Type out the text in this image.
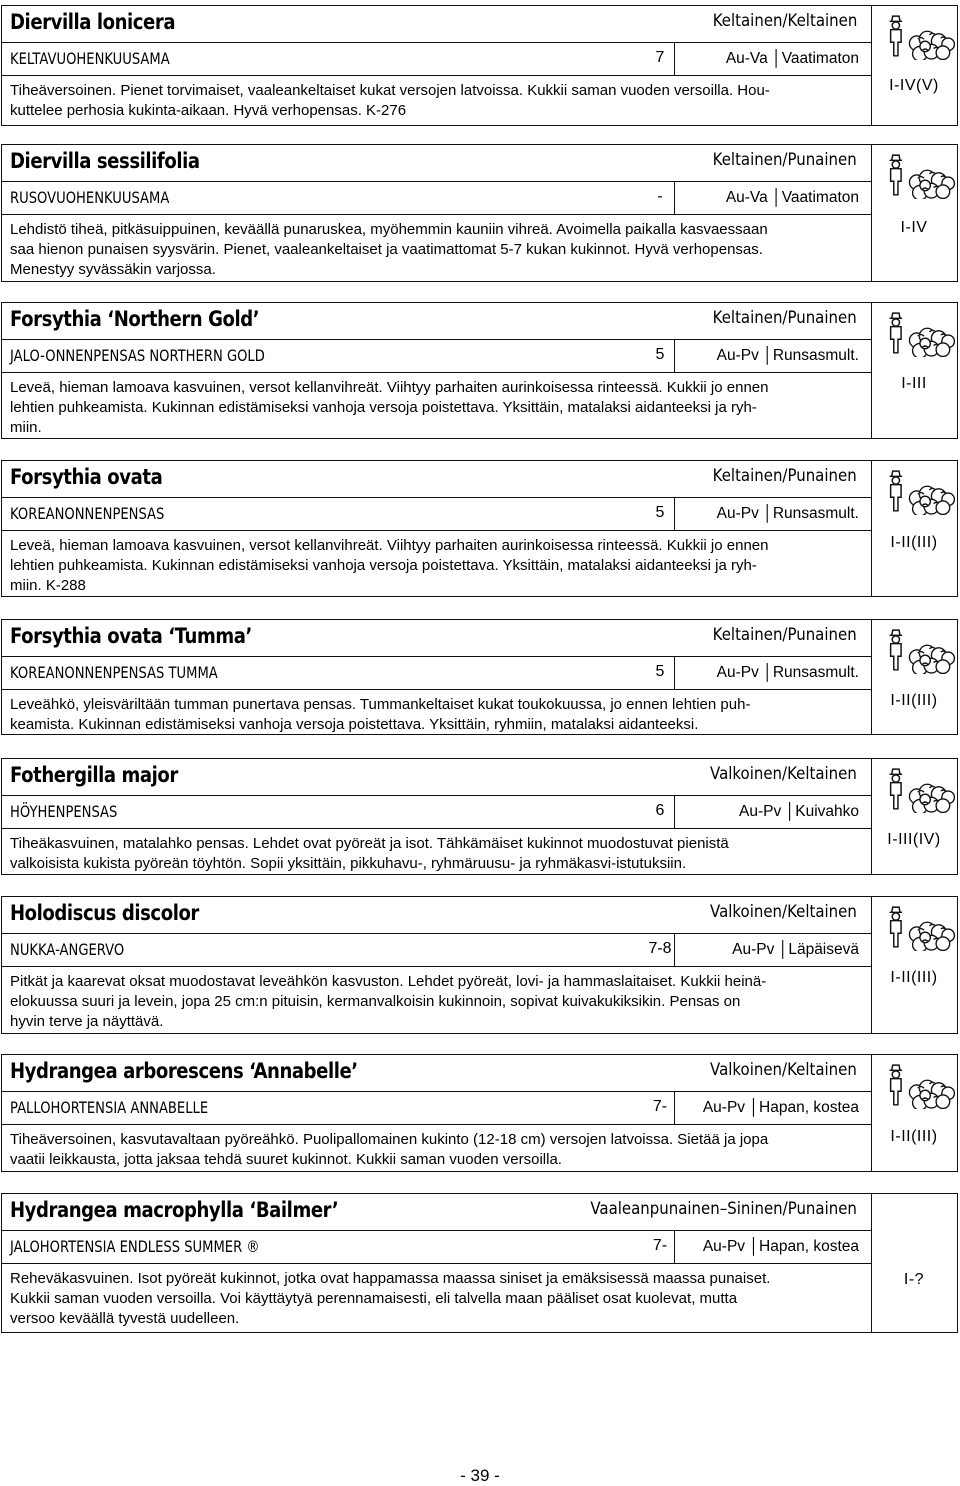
Diervilla lonicera	Keltainen/Keltainen
KELTAVUOHENKUUSAMA	7	Au-Va │Vaatimaton
Tiheäversoinen. Pienet torvimaiset, vaaleankeltaiset kukat versojen latvoissa. Kukkii saman vuoden versoilla. Hou-
kuttelee perhosia kukinta-aikaan. Hyvä verhopensas. K-276
I-IV(V)
Diervilla sessilifolia	Keltainen/Punainen
RUSOVUOHENKUUSAMA	-	Au-Va │Vaatimaton
Lehdistö tiheä, pitkäsuippuinen, keväällä punaruskea, myöhemmin kauniin vihreä. Avoimella paikalla kasvaessaan
saa hienon punaisen syysvärin. Pienet, vaaleankeltaiset ja vaatimattomat 5-7 kukan kukinnot. Hyvä verhopensas.
Menestyy syvässäkin varjossa.
I-IV
Forsythia ‘Northern Gold’	Keltainen/Punainen
JALO-ONNENPENSAS NORTHERN GOLD	5	Au-Pv │Runsasmult.
Leveä, hieman lamoava kasvuinen, versot kellanvihreät. Viihtyy parhaiten aurinkoisessa rinteessä. Kukkii jo ennen
lehtien puhkeamista. Kukinnan edistämiseksi vanhoja versoja poistettava. Yksittäin, matalaksi aidanteeksi ja ryh-
miin.
I-III
Forsythia ovata	Keltainen/Punainen
KOREANONNENPENSAS	5	Au-Pv │Runsasmult.
Leveä, hieman lamoava kasvuinen, versot kellanvihreät. Viihtyy parhaiten aurinkoisessa rinteessä. Kukkii jo ennen
lehtien puhkeamista. Kukinnan edistämiseksi vanhoja versoja poistettava. Yksittäin, matalaksi aidanteeksi ja ryh-
miin. K-288
I-II(III)
Forsythia ovata ‘Tumma’	Keltainen/Punainen
KOREANONNENPENSAS TUMMA	5	Au-Pv │Runsasmult.
Leveähkö, yleisväriltään tumman punertava pensas. Tummankeltaiset kukat toukokuussa, jo ennen lehtien puh-
keamista. Kukinnan edistämiseksi vanhoja versoja poistettava. Yksittäin, ryhmiin, matalaksi aidanteeksi.
I-II(III)
Fothergilla major	Valkoinen/Keltainen
HÖYHENPENSAS	6	Au-Pv │Kuivahko
Tiheäkasvuinen, matalahko pensas. Lehdet ovat pyöreät ja isot. Tähkämäiset kukinnot muodostuvat pienistä
valkoisista kukista pyöreän töyhtön. Sopii yksittäin, pikkuhavu-, ryhmäruusu- ja ryhmäkasvi-istutuksiin.
I-III(IV)
Holodiscus discolor	Valkoinen/Keltainen
NUKKA-ANGERVO	7-8	Au-Pv │Läpäisevä
Pitkät ja kaarevat oksat muodostavat leveähkön kasvuston. Lehdet pyöreät, lovi- ja hammaslaitaiset. Kukkii heinä-
elokuussa suuri ja levein, jopa 25 cm:n pituisin, kermanvalkoisin kukinnoin, sopivat kuivakukiksikin. Pensas on
hyvin terve ja näyttävä.
I-II(III)
Hydrangea arborescens ‘Annabelle’	Valkoinen/Keltainen
PALLOHORTENSIA ANNABELLE	7-	Au-Pv │Hapan, kostea
Tiheäversoinen, kasvutavaltaan pyöreähkö. Puolipallomainen kukinto (12-18 cm) versojen latvoissa. Sietää ja jopa
vaatii leikkausta, jotta jaksaa tehdä suuret kukinnot. Kukkii saman vuoden versoilla.
I-II(III)
Hydrangea macrophylla ‘Bailmer’	Vaaleanpunainen–Sininen/Punainen
JALOHORTENSIA ENDLESS SUMMER ®	7-	Au-Pv │Hapan, kostea
Reheväkasvuinen. Isot pyöreät kukinnot, jotka ovat happamassa maassa siniset ja emäksisessä maassa punaiset.
Kukkii saman vuoden versoilla. Voi käyttäytyä perennamaisesti, eli talvella maan pääliset osat kuolevat, mutta
versoo keväällä tyvestä uudelleen.
I-?
- 39 -
